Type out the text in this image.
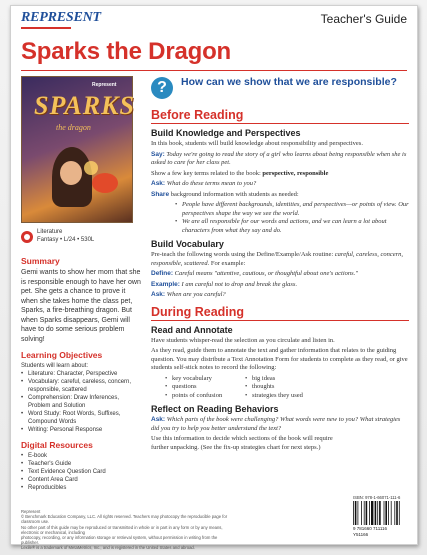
REPRESENT	Teacher's Guide
Sparks the Dragon
Represent
SPARKS
the dragon
Literature
Fantasy • L/24 • 530L
Summary

Gemi wants to show her mom that she is responsible enough to have her own pet. She gets a chance to prove it when she takes home the class pet, Sparks, a fire-breathing dragon. But when Sparks disappears, Gemi will have to do some serious problem solving!

Learning Objectives

Students will learn about:

• Literature: Character, Perspective
• Vocabulary: careful, careless, concern, responsible, scattered
• Comprehension: Draw Inferences, Problem and Solution
• Word Study: Root Words, Suffixes, Compound Words
• Writing: Personal Response
Digital Resources
• E-book
• Teacher's Guide
• Text Evidence Question Card
• Content Area Card
• Reproducibles
?	How can we show that we are responsible?
Before Reading
Build Knowledge and Perspectives

In this book, students will build knowledge about responsibility and perspectives.

Say: Today we're going to read the story of a girl who learns about being responsible when she is asked to care for her class pet.

Show a few key terms related to the book: perspective, responsible

Ask: What do these terms mean to you?

Share background information with students as needed:

• People have different backgrounds, identities, and perspectives—or points of view. Our perspectives shape the way we see the world.
• We are all responsible for our words and actions, and we can learn a lot about characters from what they say and do.
Build Vocabulary

Pre-teach the following words using the Define/Example/Ask routine: careful, careless, concern, responsible, scattered. For example:

Define: Careful means "attentive, cautious, or thoughtful about one's actions."

Example: I am careful not to drop and break the glass.

Ask: When are you careful?

During Reading
Read and Annotate

Have students whisper-read the selection as you circulate and listen in.

As they read, guide them to annotate the text and gather information that relates to the guiding question. You may distribute a Text Annotation Form for students to complete as they read, or give students self-stick notes to record the following:

• key vocabulary
• questions
• points of confusion
• big ideas
• thoughts
• strategies they used
Reflect on Reading Behaviors

Ask: Which parts of the book were challenging? What words were new to you? What strategies did you try to help you better understand the text?

Use this information to decide which sections of the book will require further unpacking. (See the fix-up strategies chart for next steps.)

Represent

© Benchmark Education Company, LLC. All rights reserved. Teachers may photocopy the reproducible page for classroom use.

No other part of this guide may be reproduced or transmitted in whole or in part in any form or by any means, electronic or mechanical, including

photocopy, recording, or any information storage or retrieval system, without permission in writing from the publisher.

Lexile® is a trademark of MetaMetrics, Inc., and is registered in the United States and abroad.

ISBN: 978-1-66071-111-6

9 781660 711116

Y51166
